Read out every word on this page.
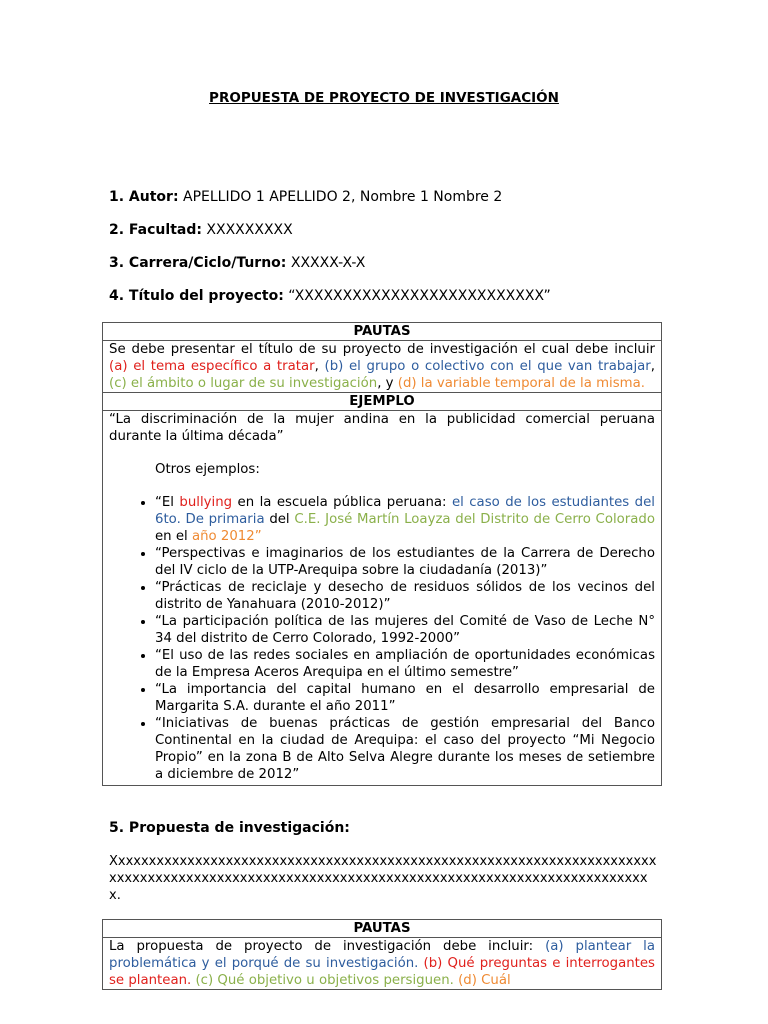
PROPUESTA DE PROYECTO DE INVESTIGACIÓN
1. Autor: APELLIDO 1 APELLIDO 2, Nombre 1 Nombre 2
2. Facultad: XXXXXXXXX
3. Carrera/Ciclo/Turno: XXXXX-X-X
4. Título del proyecto: “XXXXXXXXXXXXXXXXXXXXXXXXXX”
PAUTAS
Se debe presentar el título de su proyecto de investigación el cual debe incluir (a) el tema específico a tratar, (b) el grupo o colectivo con el que van trabajar, (c) el ámbito o lugar de su investigación, y (d) la variable temporal de la misma.
EJEMPLO

“La discriminación de la mujer andina en la publicidad comercial peruana durante la última década”

Otros ejemplos:

• “El bullying en la escuela pública peruana: el caso de los estudiantes del 6to. De primaria del C.E. José Martín Loayza del Distrito de Cerro Colorado en el año 2012”
• “Perspectivas e imaginarios de los estudiantes de la Carrera de Derecho del IV ciclo de la UTP-Arequipa sobre la ciudadanía (2013)”
• “Prácticas de reciclaje y desecho de residuos sólidos de los vecinos del distrito de Yanahuara (2010-2012)”
• “La participación política de las mujeres del Comité de Vaso de Leche N° 34 del distrito de Cerro Colorado, 1992-2000”
• “El uso de las redes sociales en ampliación de oportunidades económicas de la Empresa Aceros Arequipa en el último semestre”
• “La importancia del capital humano en el desarrollo empresarial de Margarita S.A. durante el año 2011”
• “Iniciativas de buenas prácticas de gestión empresarial del Banco Continental en la ciudad de Arequipa: el caso del proyecto “Mi Negocio Propio” en la zona B de Alto Selva Alegre durante los meses de setiembre a diciembre de 2012”
5. Propuesta de investigación:
Xxxxxxxxxxxxxxxxxxxxxxxxxxxxxxxxxxxxxxxxxxxxxxxxxxxxxxxxxxxxxxxxxxxxxxxxxxxxxxxxxxxxxxxxxxxxxxxxxxxxxxxxxxxxxxxxxxxxxxxxxxxxxxxxxxxxxxxxxxxxxx.
PAUTAS
La propuesta de proyecto de investigación debe incluir: (a) plantear la problemática y el porqué de su investigación. (b) Qué preguntas e interrogantes se plantean. (c) Qué objetivo u objetivos persiguen. (d) Cuál
